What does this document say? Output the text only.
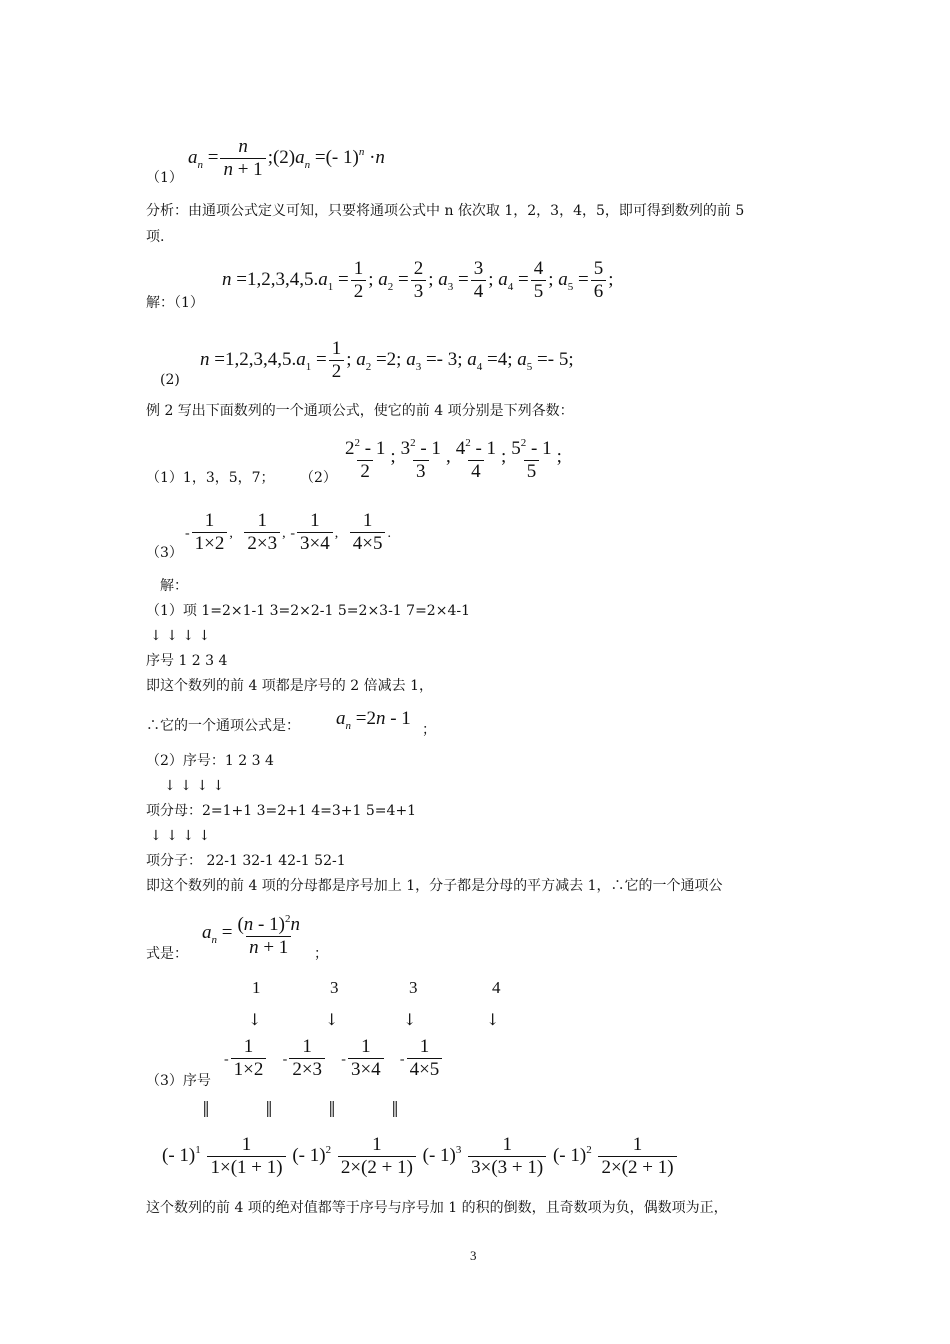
$a_n = \frac{n}{n + 1}$ $;(2)a_n$ =(- 1)$^n$ ·n
（1）
分析：由通项公式定义可知，只要将通项公式中 n 依次取 1，2，3，4，5，即可得到数列的前 5
项.
$n =1,2,3,4,5.a_1 = \frac{1}{2}$ ; $a_2 = \frac{2}{3}$ ; $a_3 = \frac{3}{4}$ ; $a_4 = \frac{4}{5}$ ; $a_5 = \frac{5}{6}$ ;
解：（1）
$n =1,2,3,4,5.a_1 = \frac{1}{2}$ ; $a_2 =2$; $a_3 =- 3$; $a_4 =4$; $a_5 =- 5$;
(2)
例 2 写出下面数列的一个通项公式，使它的前 4 项分别是下列各数：
$\frac{2^2 - 1}{2}$ ; $\frac{3^2 - 1}{3}$ , $\frac{4^2 - 1}{4}$ ; $\frac{5^2 - 1}{5}$ ;
（1）1，3，5，7； （2）
- $\frac{1}{1\times 2}$ , $\frac{1}{2\times 3}$ , - $\frac{1}{3\times 4}$ , $\frac{1}{4\times 5}$ .
（3）
解：
（1）项 1=2×1-1 3=2×2-1 5=2×3-1 7=2×4-1
↓ ↓ ↓ ↓
序号 1 2 3 4
即这个数列的前 4 项都是序号的 2 倍减去 1，
∴它的一个通项公式是： $a_n =2n - 1$
；
（2）序号：1 2 3 4
↓ ↓ ↓ ↓
项分母：2=1+1 3=2+1 4=3+1 5=4+1
↓ ↓ ↓ ↓
项分子： 22-1 32-1 42-1 52-1
即这个数列的前 4 项的分母都是序号加上 1，分子都是分母的平方减去 1，∴它的一个通项公
$a_n = \frac{(n - 1)^2n}{n + 1}$
式是：	；
1	3	3	4
↓	↓	↓	↓
- $\frac{1}{1\times 2} - \frac{1}{2\times 3} - \frac{1}{3\times 4} - \frac{1}{4\times 5}$
（3）序号
‖	‖	‖	‖
(- $1)^1 \frac{1}{1\times(1 + 1)}$ (- $1)^2 \frac{1}{2\times(2 + 1)}$ (- $1)^3 \frac{1}{3\times(3 + 1)}$ (- $1)^2 \frac{1}{2\times(2 + 1)}$
这个数列的前 4 项的绝对值都等于序号与序号加 1 的积的倒数，且奇数项为负，偶数项为正，
3
